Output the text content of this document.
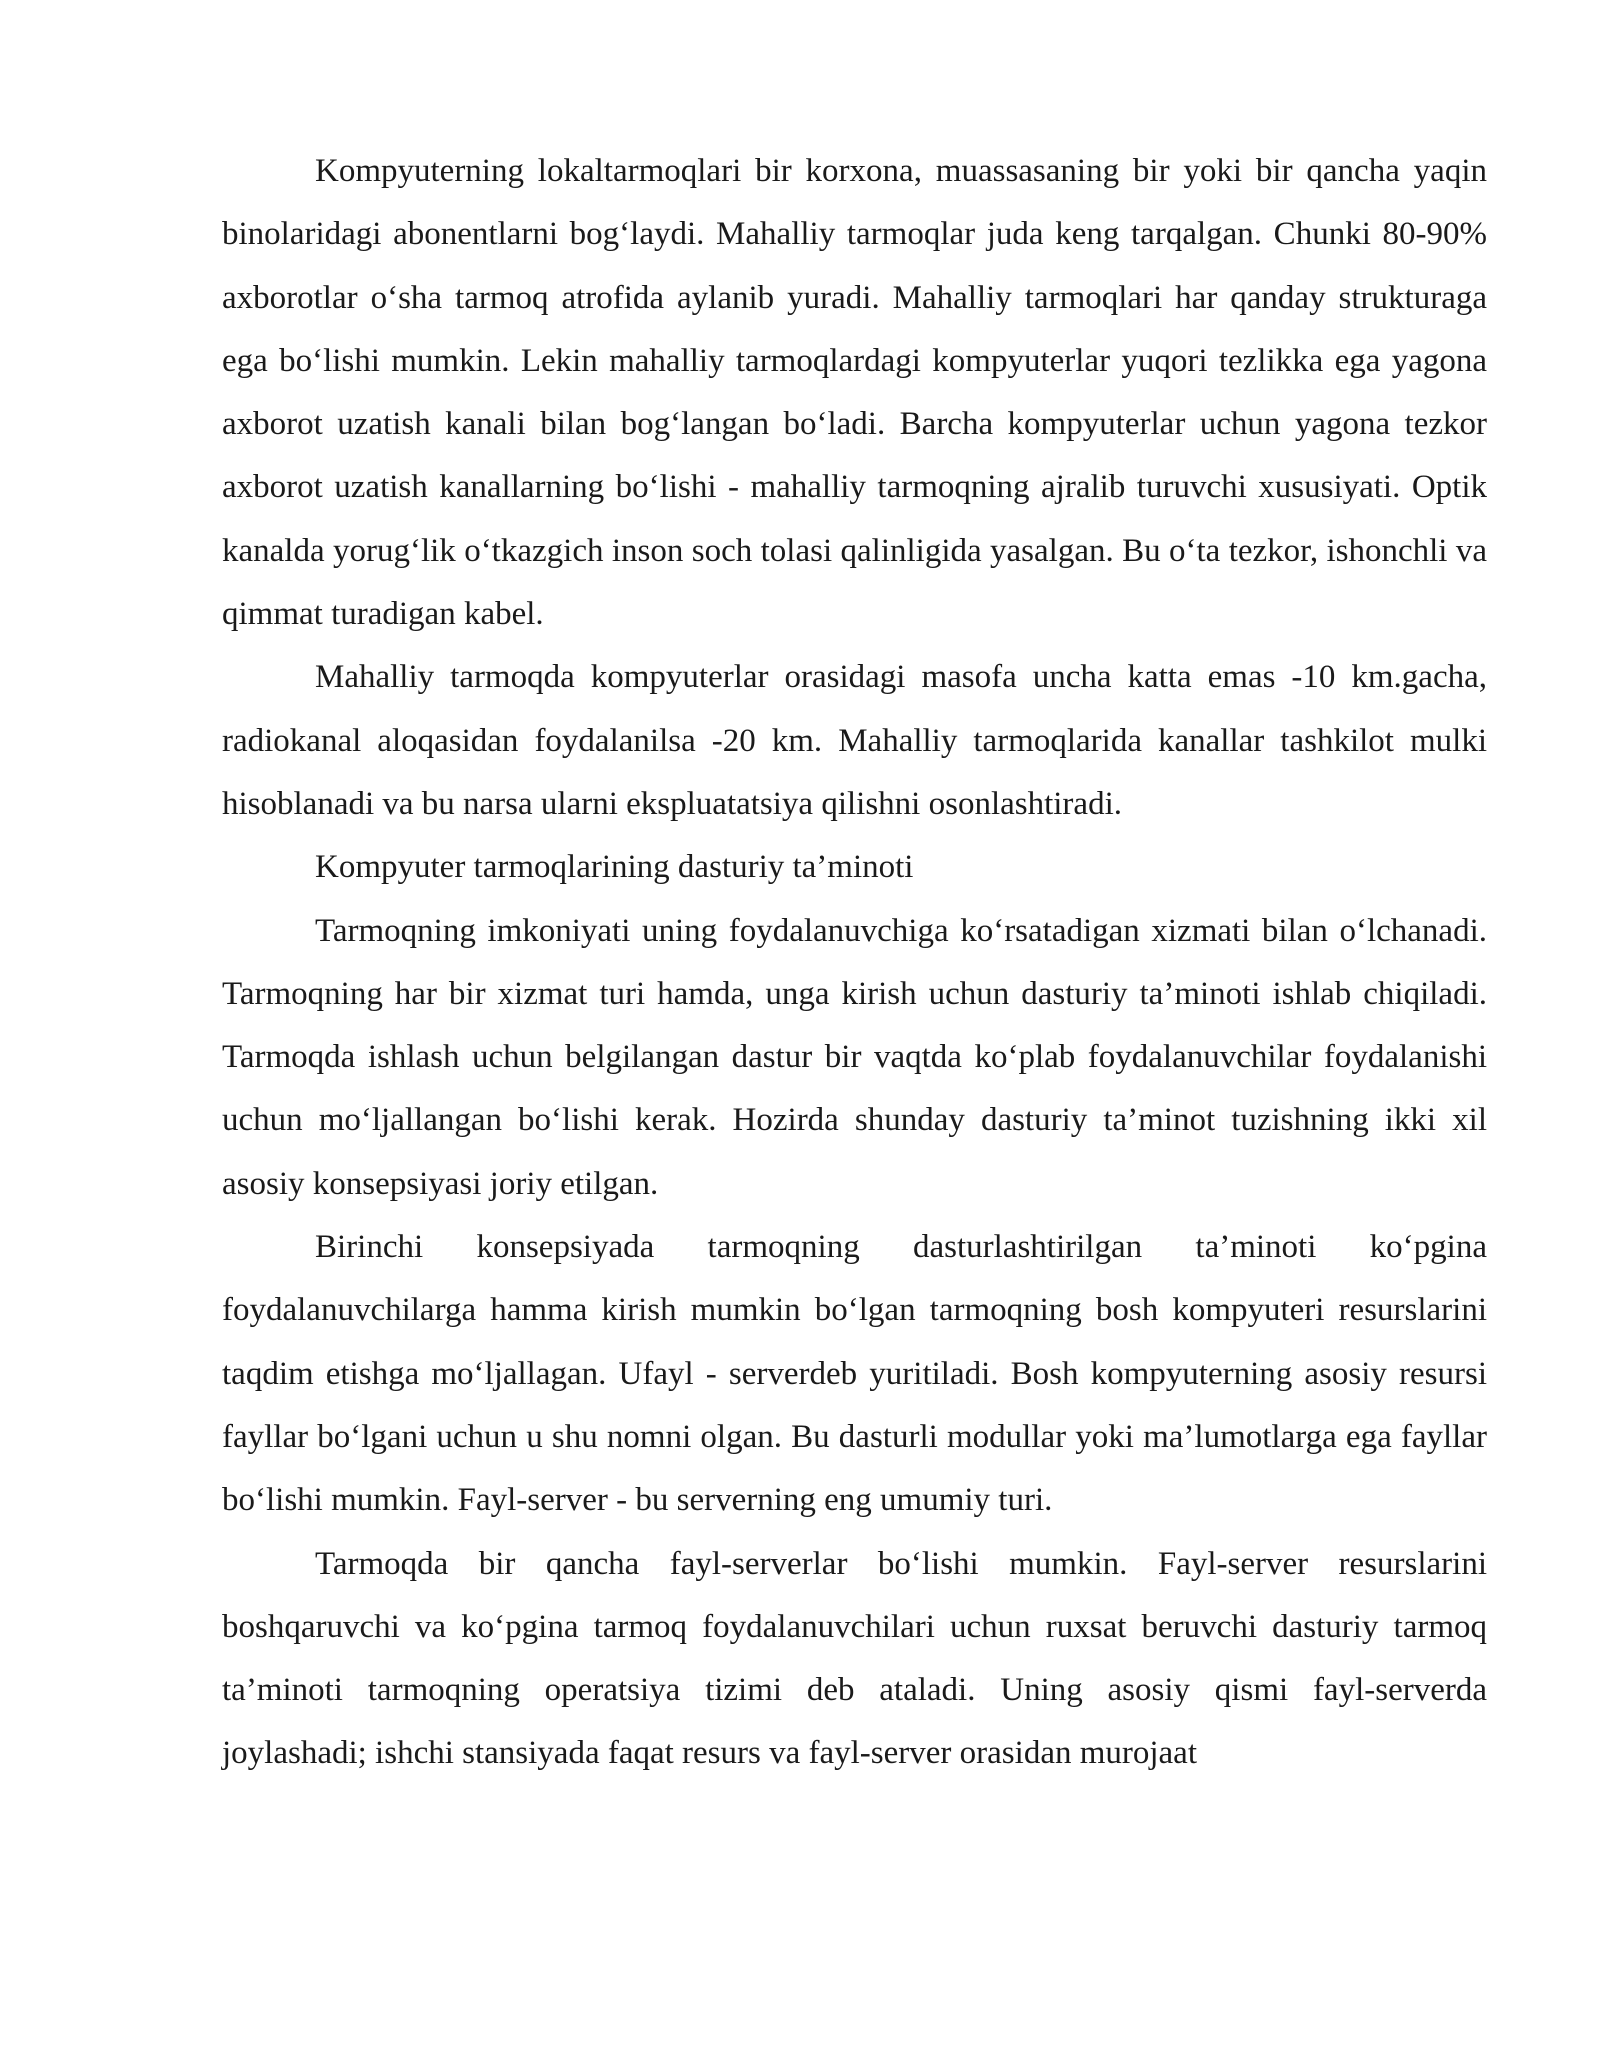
Kompyuterning lokaltarmoqlari bir korxona, muassasaning bir yoki bir qancha yaqin binolaridagi abonentlarni bog‘laydi. Mahalliy tarmoqlar juda keng tarqalgan. Chunki 80-90% axborotlar o‘sha tarmoq atrofida aylanib yuradi. Mahalliy tarmoqlari har qanday strukturaga ega bo‘lishi mumkin. Lekin mahalliy tarmoqlardagi kompyuterlar yuqori tezlikka ega yagona axborot uzatish kanali bilan bog‘langan bo‘ladi. Barcha kompyuterlar uchun yagona tezkor axborot uzatish kanallarning bo‘lishi - mahalliy tarmoqning ajralib turuvchi xususiyati. Optik kanalda yorug‘lik o‘tkazgich inson soch tolasi qalinligida yasalgan. Bu o‘ta tezkor, ishonchli va qimmat turadigan kabel.

Mahalliy tarmoqda kompyuterlar orasidagi masofa uncha katta emas -10 km.gacha, radiokanal aloqasidan foydalanilsa -20 km. Mahalliy tarmoqlarida kanallar tashkilot mulki hisoblanadi va bu narsa ularni ekspluatatsiya qilishni osonlashtiradi.

Kompyuter tarmoqlarining dasturiy ta’minoti

Tarmoqning imkoniyati uning foydalanuvchiga ko‘rsatadigan xizmati bilan o‘lchanadi. Tarmoqning har bir xizmat turi hamda, unga kirish uchun dasturiy ta’minoti ishlab chiqiladi. Tarmoqda ishlash uchun belgilangan dastur bir vaqtda ko‘plab foydalanuvchilar foydalanishi uchun mo‘ljallangan bo‘lishi kerak. Hozirda shunday dasturiy ta’minot tuzishning ikki xil asosiy konsepsiyasi joriy etilgan.

Birinchi konsepsiyada tarmoqning dasturlashtirilgan ta’minoti ko‘pgina foydalanuvchilarga hamma kirish mumkin bo‘lgan tarmoqning bosh kompyuteri resurslarini taqdim etishga mo‘ljallagan. Ufayl - serverdeb yuritiladi. Bosh kompyuterning asosiy resursi fayllar bo‘lgani uchun u shu nomni olgan. Bu dasturli modullar yoki ma’lumotlarga ega fayllar bo‘lishi mumkin. Fayl-server - bu serverning eng umumiy turi.

Tarmoqda bir qancha fayl-serverlar bo‘lishi mumkin. Fayl-server resurslarini boshqaruvchi va ko‘pgina tarmoq foydalanuvchilari uchun ruxsat beruvchi dasturiy tarmoq ta’minoti tarmoqning operatsiya tizimi deb ataladi. Uning asosiy qismi fayl-serverda joylashadi; ishchi stansiyada faqat resurs va fayl-server orasidan murojaat
